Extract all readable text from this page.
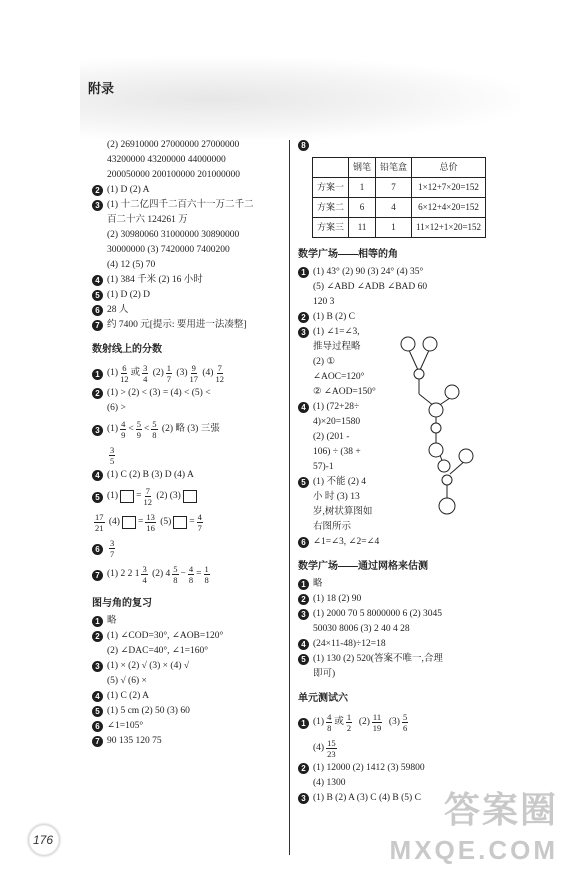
附录
(2) 26910000 27000000 27000000
43200000 43200000 44000000
200050000 200100000 201000000
2 (1) D (2) A
3 (1) 十二亿四千二百六十一万二千二
百二十六 124261 万
(2) 30980060 31000000 30890000
30000000 (3) 7420000 7400200
(4) 12 (5) 70
4 (1) 384 千米 (2) 16 小时
5 (1) D (2) D
6 28 人
7 约 7400 元[提示: 要用进一法凑整]
数射线上的分数
1 $(1) \frac{6}{12}$ 或 $\frac{3}{4}$
$(2) \frac{1}{7}$
$(3) \frac{9}{17}$
$(4) \frac{7}{12}$
2 (1) > (2) < (3) = (4) < (5) <
(6) >
3 $(1) \frac{4}{9} < \frac{5}{9} < \frac{5}{8}$
(2) 略 (3) 三張
$\frac{3}{5}$
4 (1) C (2) B (3) D (4) A
5 $(1) = \frac{7}{12}$
(2)
(3)
$\frac{17}{21}$
$(4) = \frac{13}{16}$
$(5) = \frac{4}{7}$
6	$\frac{3}{7}$
7 (1) 2 2 $1 \frac{3}{4}$
(2) $4 \frac{5}{8} - \frac{4}{8} = \frac{1}{8}$
图与角的复习
1 略
2 (1) ∠COD=30°, ∠AOB=120°
(2) ∠DAC=40°, ∠1=160°
3 (1) × (2) √ (3) × (4) √
(5) √ (6) ×
4 (1) C (2) A
5 (1) 5 cm (2) 50 (3) 60
6 ∠1=105°
7 90 135 120 75
8
	钢笔	铅笔盒	总价
方案一	1	7	1×12+7×20=152
方案二	6	4	6×12+4×20=152
方案三	11	1	11×12+1×20=152
数学广场——相等的角
1 (1) 43° (2) 90 (3) 24° (4) 35°
(5) ∠ABD ∠ADB ∠BAD 60
120 3
2 (1) B (2) C
3 (1) ∠1=∠3,
推导过程略
(2) ①
∠AOC=120°
② ∠AOD=150°
4 (1) (72+28÷
4)×20=1580
(2) (201 -
106) ÷ (38 +
57)-1
5 (1) 不能 (2) 4
小 时 (3) 13
岁,树状算图如
右图所示
6 ∠1=∠3, ∠2=∠4
数学广场——通过网格来估测
1 略
2 (1) 18 (2) 90
3 (1) 2000 70 5 8000000 6 (2) 3045
50030 8006 (3) 2 40 4 28
4 (24×11-48)÷12=18
5 (1) 130 (2) 520(答案不唯一,合理
即可)
单元测试六
1 $(1) \frac{4}{8}$ 或 $\frac{1}{2}$
$(2) \frac{11}{19}$
$(3) \frac{5}{6}$
$(4) \frac{15}{23}$
2 (1) 12000 (2) 1412 (3) 59800
(4) 1300
3 (1) B (2) A (3) C (4) B (5) C
176
答案圈
MXQE.COM
